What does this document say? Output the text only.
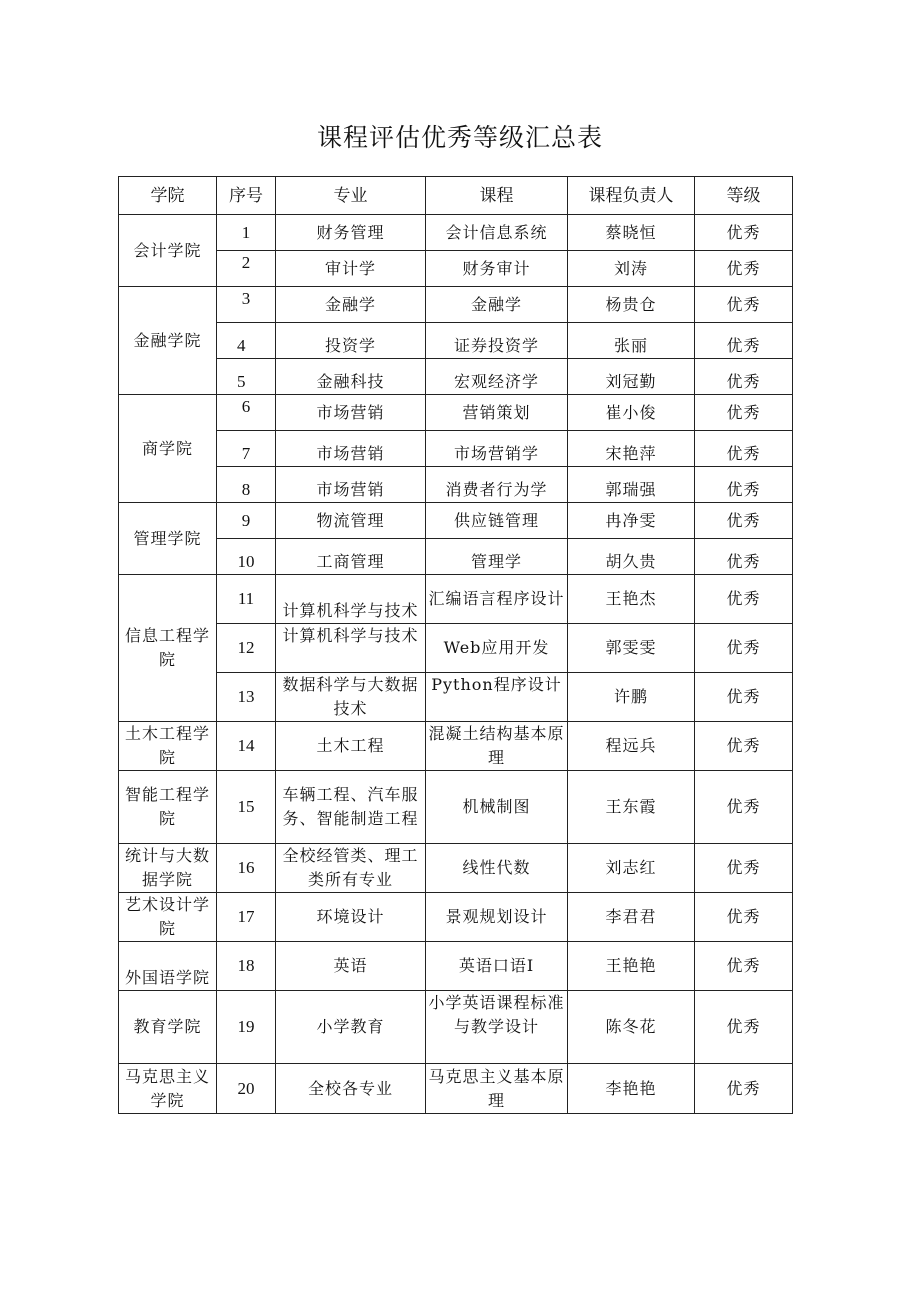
课程评估优秀等级汇总表
学院	序号	专业	课程	课程负责人	等级
会计学院	1	财务管理	会计信息系统	蔡晓恒	优秀
	2	审计学	财务审计	刘涛	优秀
金融学院	3	金融学	金融学	杨贵仓	优秀
	4	投资学	证券投资学	张丽	优秀
	5	金融科技	宏观经济学	刘冠勤	优秀
商学院	6	市场营销	营销策划	崔小俊	优秀
	7	市场营销	市场营销学	宋艳萍	优秀
	8	市场营销	消费者行为学	郭瑞强	优秀
管理学院	9	物流管理	供应链管理	冉净雯	优秀
	10	工商管理	管理学	胡久贵	优秀
信息工程学院	11	计算机科学与技术	汇编语言程序设计	王艳杰	优秀
	12	计算机科学与技术	Web应用开发	郭雯雯	优秀
	13	数据科学与大数据技术	Python程序设计	许鹏	优秀
土木工程学院	14	土木工程	混凝土结构基本原理	程远兵	优秀
智能工程学院	15	车辆工程、汽车服务、智能制造工程	机械制图	王东霞	优秀
统计与大数据学院	16	全校经管类、理工类所有专业	线性代数	刘志红	优秀
艺术设计学院	17	环境设计	景观规划设计	李君君	优秀
外国语学院	18	英语	英语口语Ⅰ	王艳艳	优秀
教育学院	19	小学教育	小学英语课程标准与教学设计	陈冬花	优秀
马克思主义学院	20	全校各专业	马克思主义基本原理	李艳艳	优秀
